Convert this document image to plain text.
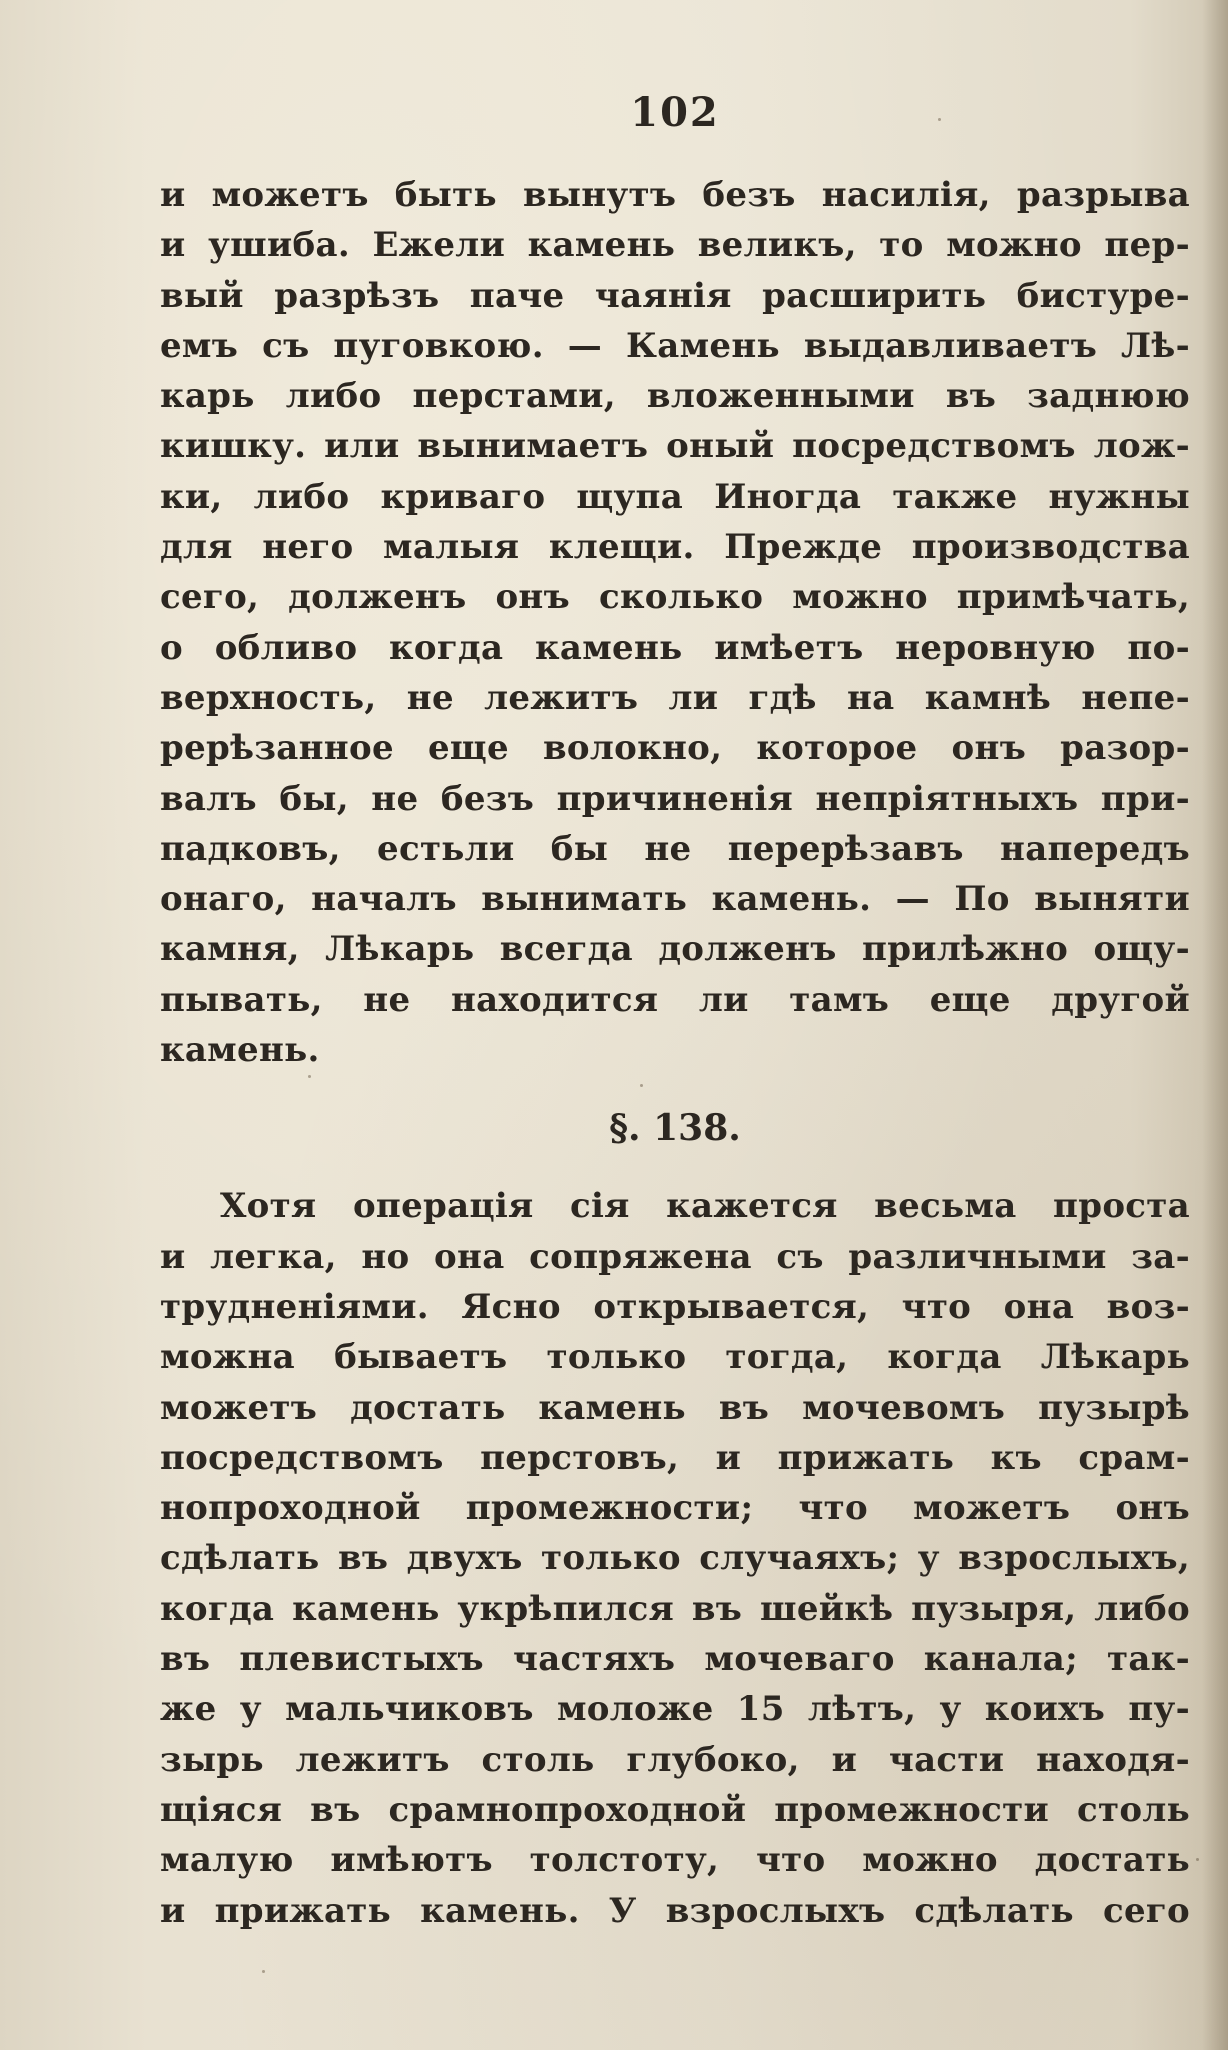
102
и можетъ быть вынутъ безъ насилія, разрыва
и ушиба. Ежели камень великъ, то можно пер-
вый разрѣзъ паче чаянія расширить бистуре-
емъ съ пуговкою. — Камень выдавливаетъ Лѣ-
карь либо перстами, вложенными въ заднюю
кишку. или вынимаетъ оный посредствомъ лож-
ки, либо криваго щупа Иногда также нужны
для него малыя клещи. Прежде производства
сего, долженъ онъ сколько можно примѣчать,
о обливо когда камень имѣетъ неровную по-
верхность, не лежитъ ли гдѣ на камнѣ непе-
рерѣзанное еще волокно, которое онъ разор-
валъ бы, не безъ причиненія непріятныхъ при-
падковъ, естьли бы не перерѣзавъ напередъ
онаго, началъ вынимать камень. — По выняти
камня, Лѣкарь всегда долженъ прилѣжно ощу-
пывать, не находится ли тамъ еще другой
камень.
§. 138.
Хотя операція сія кажется весьма проста
и легка, но она сопряжена съ различными за-
трудненіями. Ясно открывается, что она воз-
можна бываетъ только тогда, когда Лѣкарь
можетъ достать камень въ мочевомъ пузырѣ
посредствомъ перстовъ, и прижать къ срам-
нопроходной промежности; что можетъ онъ
сдѣлать въ двухъ только случаяхъ; у взрослыхъ,
когда камень укрѣпился въ шейкѣ пузыря, либо
въ плевистыхъ частяхъ мочеваго канала; так-
же у мальчиковъ моложе 15 лѣтъ, у коихъ пу-
зырь лежитъ столь глубоко, и части находя-
щіяся въ срамнопроходной промежности столь
малую имѣютъ толстоту, что можно достать
и прижать камень. У взрослыхъ сдѣлать сего
